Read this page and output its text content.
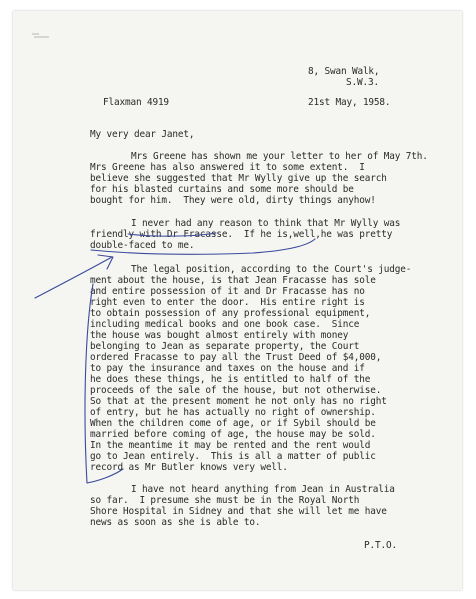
8, Swan Walk,
S.W.3.
Flaxman 4919	21st May, 1958.
My very dear Janet,
Mrs Greene has shown me your letter to her of May 7th.
Mrs Greene has also answered it to some extent.  I
believe she suggested that Mr Wylly give up the search
for his blasted curtains and some more should be
bought for him.  They were old, dirty things anyhow!
I never had any reason to think that Mr Wylly was
friendly with Dr Fracasse.  If he is,well,he was pretty
double-faced to me.
The legal position, according to the Court's judge-
ment about the house, is that Jean Fracasse has sole
and entire possession of it and Dr Fracasse has no
right even to enter the door.  His entire right is
to obtain possession of any professional equipment,
including medical books and one book case.  Since
the house was bought almost entirely with money
belonging to Jean as separate property, the Court
ordered Fracasse to pay all the Trust Deed of $4,000,
to pay the insurance and taxes on the house and if
he does these things, he is entitled to half of the
proceeds of the sale of the house, but not otherwise.
So that at the present moment he not only has no right
of entry, but he has actually no right of ownership.
When the children come of age, or if Sybil should be
married before coming of age, the house may be sold.
In the meantime it may be rented and the rent would
go to Jean entirely.  This is all a matter of public
record as Mr Butler knows very well.
I have not heard anything from Jean in Australia
so far.  I presume she must be in the Royal North
Shore Hospital in Sidney and that she will let me have
news as soon as she is able to.
P.T.O.
